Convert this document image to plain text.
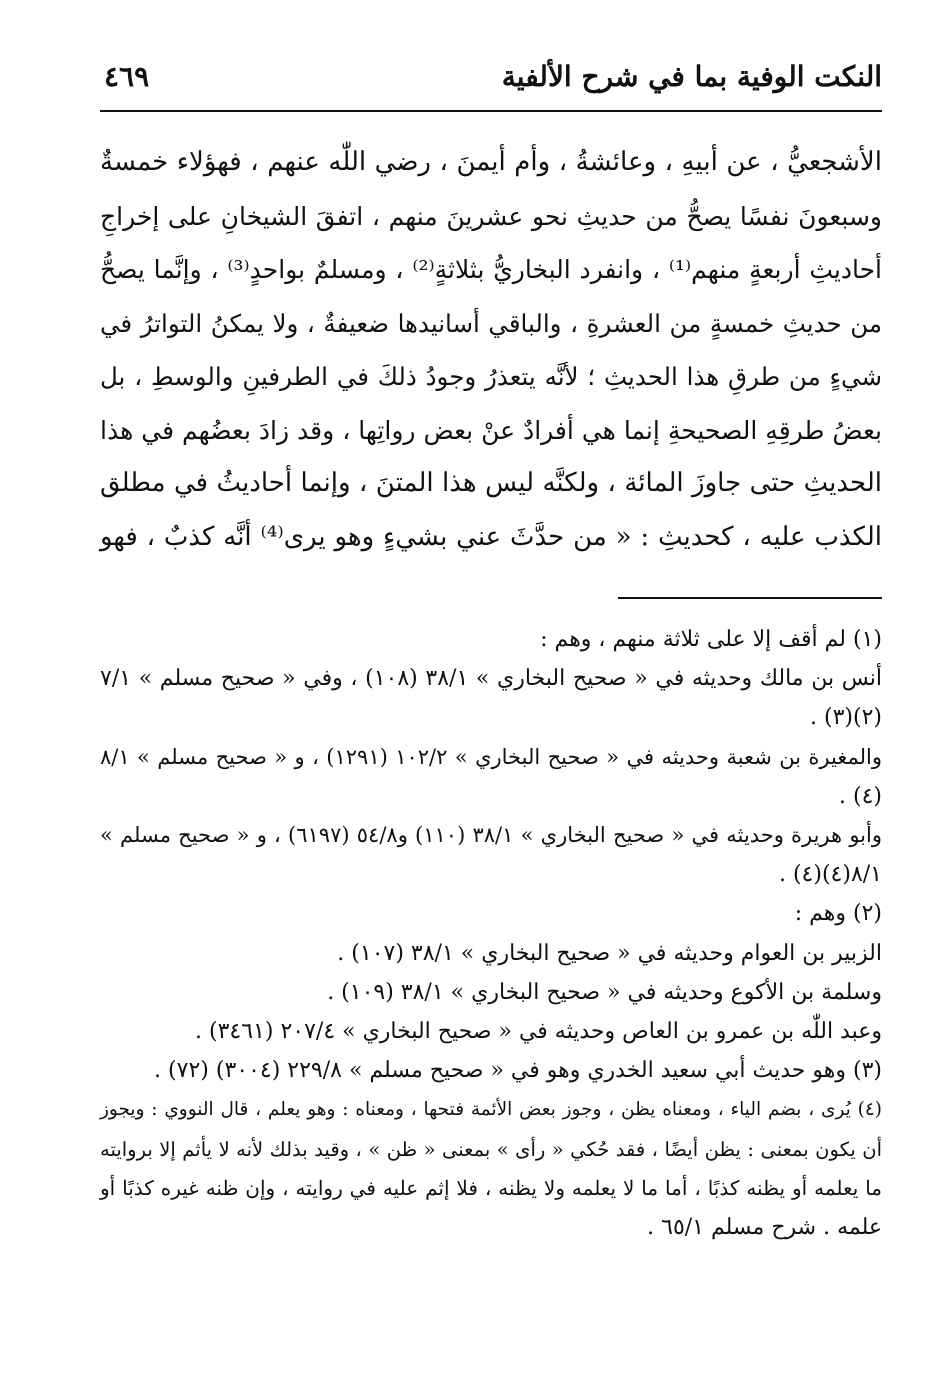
النكت الوفية بما في شرح الألفية
٤٦٩
الأشجعيُّ ، عن أبيهِ ، وعائشةُ ، وأم أيمنَ ، رضي اللّٰه عنهم ، فهؤلاء خمسةٌ
وسبعونَ نفسًا يصحُّ من حديثِ نحو عشرينَ منهم ، اتفقَ الشيخانِ على إخراجِ
أحاديثِ أربعةٍ منهم⁽¹⁾ ، وانفرد البخاريُّ بثلاثةٍ⁽²⁾ ، ومسلمٌ بواحدٍ⁽³⁾ ، وإنَّما يصحُّ
من حديثِ خمسةٍ من العشرةِ ، والباقي أسانيدها ضعيفةٌ ، ولا يمكنُ التواترُ في
شيءٍ من طرقِ هذا الحديثِ ؛ لأنَّه يتعذرُ وجودُ ذلكَ في الطرفينِ والوسطِ ، بل
بعضُ طرقِهِ الصحيحةِ إنما هي أفرادٌ عنْ بعض رواتِها ، وقد زادَ بعضُهم في هذا
الحديثِ حتى جاوزَ المائة ، ولكنَّه ليس هذا المتنَ ، وإنما أحاديثُ في مطلق
الكذب عليه ، كحديثِ : « من حدَّثَ عني بشيءٍ وهو يرى⁽⁴⁾ أنَّه كذبٌ ، فهو
(١) لم أقف إلا على ثلاثة منهم ، وهم :
أنس بن مالك وحديثه في « صحيح البخاري » ٣٨/١ (١٠٨) ، وفي « صحيح مسلم » ٧/١
(٢)(٣) .
والمغيرة بن شعبة وحديثه في « صحيح البخاري » ١٠٢/٢ (١٢٩١) ، و « صحيح مسلم » ٨/١
(٤) .
وأبو هريرة وحديثه في « صحيح البخاري » ٣٨/١ (١١٠) و٥٤/٨ (٦١٩٧) ، و « صحيح مسلم »
٨/١(٤)(٤) .
(٢) وهم :
الزبير بن العوام وحديثه في « صحيح البخاري » ٣٨/١ (١٠٧) .
وسلمة بن الأكوع وحديثه في « صحيح البخاري » ٣٨/١ (١٠٩) .
وعبد اللّٰه بن عمرو بن العاص وحديثه في « صحيح البخاري » ٢٠٧/٤ (٣٤٦١) .
(٣) وهو حديث أبي سعيد الخدري وهو في « صحيح مسلم » ٢٢٩/٨ (٣٠٠٤) (٧٢) .
(٤) يُرى ، بضم الياء ، ومعناه يظن ، وجوز بعض الأئمة فتحها ، ومعناه : وهو يعلم ، قال النووي : ويجوز
أن يكون بمعنى : يظن أيضًا ، فقد حُكي « رأى » بمعنى « ظن » ، وقيد بذلك لأنه لا يأثم إلا بروايته
ما يعلمه أو يظنه كذبًا ، أما ما لا يعلمه ولا يظنه ، فلا إثم عليه في روايته ، وإن ظنه غيره كذبًا أو
علمه . شرح مسلم ٦٥/١ .
